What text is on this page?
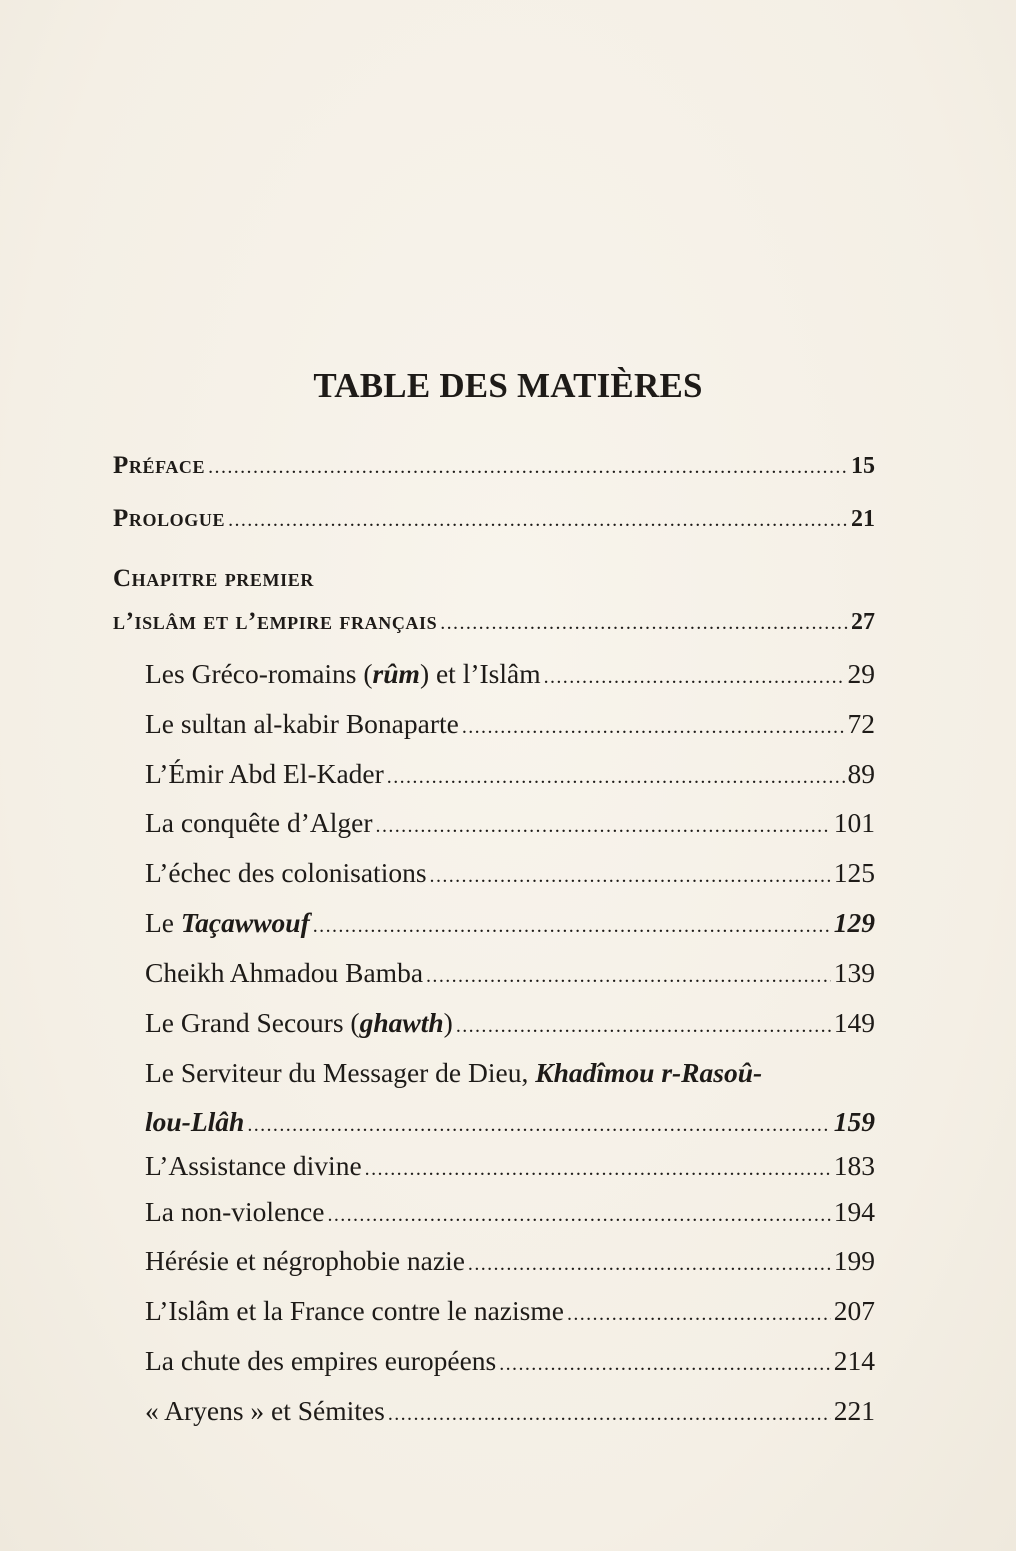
TABLE DES MATIÈRES
Préface .....	15
Prologue .....	21
Chapitre premier
l’islâm et l’empire français .....	27
Les Gréco-romains (rûm) et l’Islâm .....	29
Le sultan al-kabir Bonaparte .....	72
L’Émir Abd El-Kader .....	89
La conquête d’Alger .....	101
L’échec des colonisations .....	125
Le Taçawwouf .....	129
Cheikh Ahmadou Bamba .....	139
Le Grand Secours (ghawth) .....	149
Le Serviteur du Messager de Dieu, Khadîmou r-Rasoû-
lou-Llâh .....	159
L’Assistance divine .....	183
La non-violence .....	194
Hérésie et négrophobie nazie .....	199
L’Islâm et la France contre le nazisme .....	207
La chute des empires européens .....	214
« Aryens » et Sémites .....	221
